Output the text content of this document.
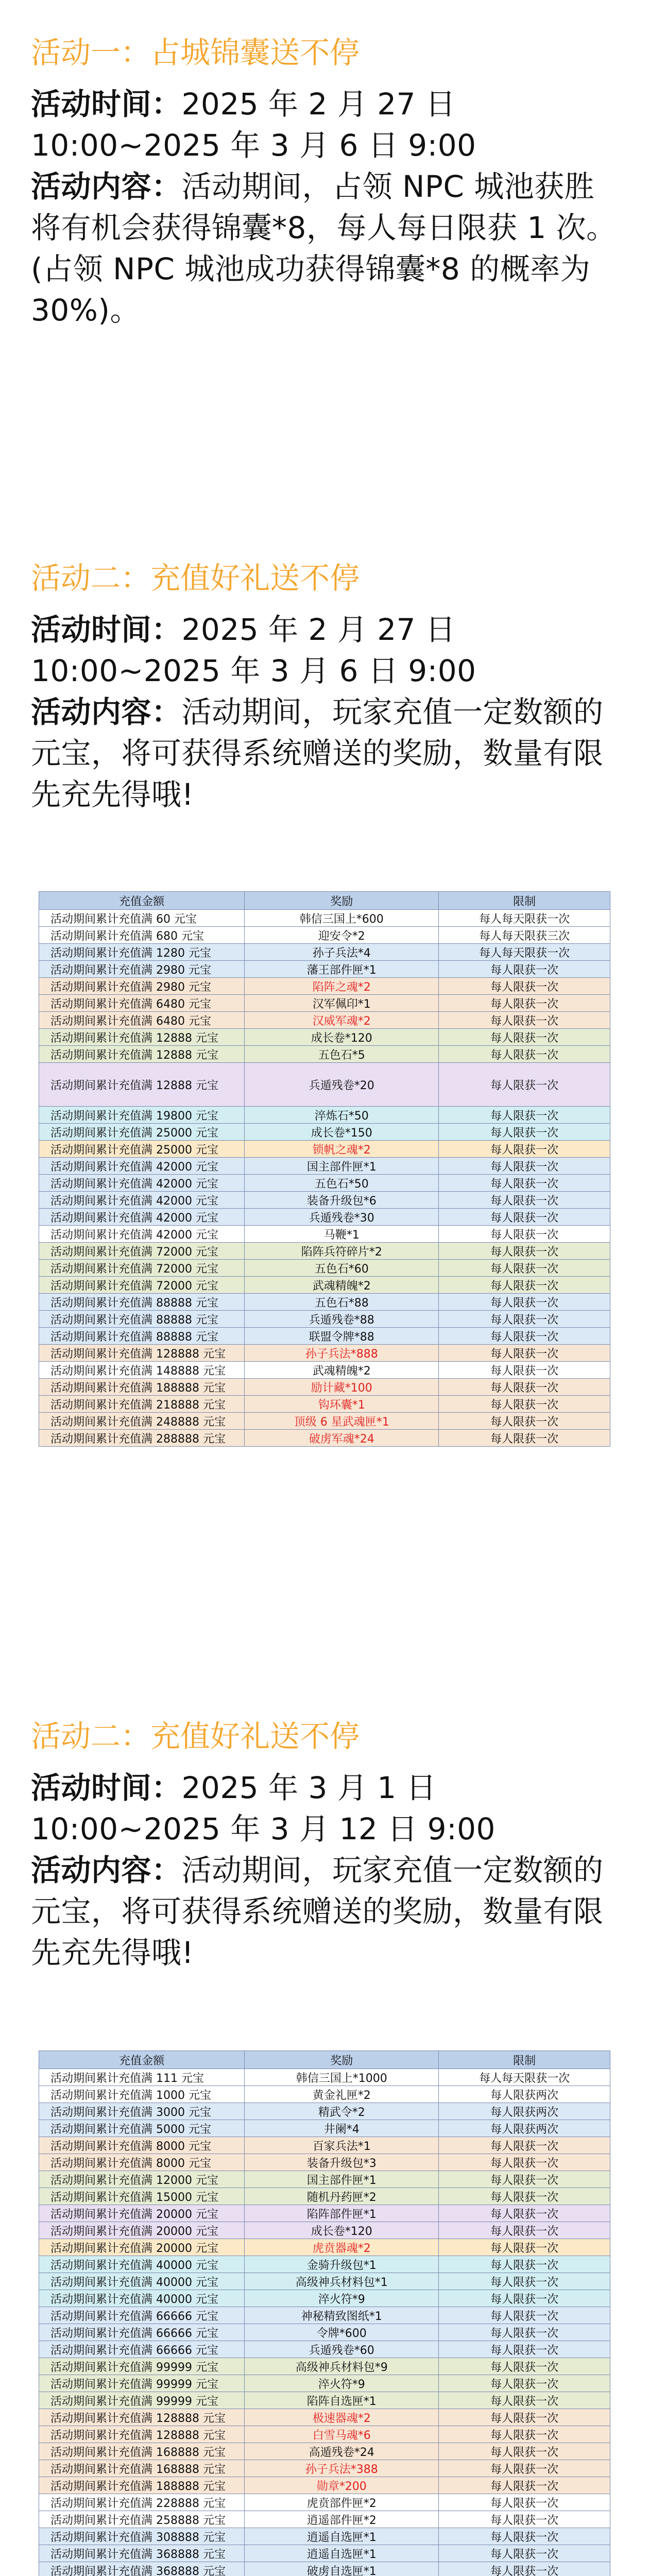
活动一：占城锦囊送不停

活动时间：2025 年 2 月 27 日 10:00~2025 年 3 月 6 日 9:00

活动内容：活动期间，占领 NPC 城池获胜将有机会获得锦囊*8，每人每日限获 1 次。(占领 NPC 城池成功获得锦囊*8 的概率为 30%)。

活动二：充值好礼送不停

活动时间：2025 年 2 月 27 日 10:00~2025 年 3 月 6 日 9:00

活动内容：活动期间，玩家充值一定数额的元宝，将可获得系统赠送的奖励，数量有限先充先得哦!

充值金额	奖励	限制
活动期间累计充值满 60 元宝	韩信三国上*600	每人每天限获一次
活动期间累计充值满 680 元宝	迎安令*2	每人每天限获三次
活动期间累计充值满 1280 元宝	孙子兵法*4	每人每天限获一次
活动期间累计充值满 2980 元宝	藩王部件匣*1	每人限获一次
活动期间累计充值满 2980 元宝	陷阵之魂*2	每人限获一次
活动期间累计充值满 6480 元宝	汉军佩印*1	每人限获一次
活动期间累计充值满 6480 元宝	汉威军魂*2	每人限获一次
活动期间累计充值满 12888 元宝	成长卷*120	每人限获一次
活动期间累计充值满 12888 元宝	五色石*5	每人限获一次
活动期间累计充值满 12888 元宝	兵遁残卷*20	每人限获一次
活动期间累计充值满 19800 元宝	淬炼石*50	每人限获一次
活动期间累计充值满 25000 元宝	成长卷*150	每人限获一次
活动期间累计充值满 25000 元宝	锁帆之魂*2	每人限获一次
活动期间累计充值满 42000 元宝	国主部件匣*1	每人限获一次
活动期间累计充值满 42000 元宝	五色石*50	每人限获一次
活动期间累计充值满 42000 元宝	装备升级包*6	每人限获一次
活动期间累计充值满 42000 元宝	兵遁残卷*30	每人限获一次
活动期间累计充值满 42000 元宝	马鞭*1	每人限获一次
活动期间累计充值满 72000 元宝	陷阵兵符碎片*2	每人限获一次
活动期间累计充值满 72000 元宝	五色石*60	每人限获一次
活动期间累计充值满 72000 元宝	武魂精魄*2	每人限获一次
活动期间累计充值满 88888 元宝	五色石*88	每人限获一次
活动期间累计充值满 88888 元宝	兵遁残卷*88	每人限获一次
活动期间累计充值满 88888 元宝	联盟令牌*88	每人限获一次
活动期间累计充值满 128888 元宝	孙子兵法*888	每人限获一次
活动期间累计充值满 148888 元宝	武魂精魄*2	每人限获一次
活动期间累计充值满 188888 元宝	励计藏*100	每人限获一次
活动期间累计充值满 218888 元宝	钩环囊*1	每人限获一次
活动期间累计充值满 248888 元宝	顶级 6 星武魂匣*1	每人限获一次
活动期间累计充值满 288888 元宝	破虏军魂*24	每人限获一次
活动二：充值好礼送不停

活动时间：2025 年 3 月 1 日 10:00~2025 年 3 月 12 日 9:00

活动内容：活动期间，玩家充值一定数额的元宝，将可获得系统赠送的奖励，数量有限先充先得哦!

充值金额	奖励	限制
活动期间累计充值满 111 元宝	韩信三国上*1000	每人每天限获一次
活动期间累计充值满 1000 元宝	黄金礼匣*2	每人限获两次
活动期间累计充值满 3000 元宝	精武令*2	每人限获两次
活动期间累计充值满 5000 元宝	井阑*4	每人限获两次
活动期间累计充值满 8000 元宝	百家兵法*1	每人限获一次
活动期间累计充值满 8000 元宝	装备升级包*3	每人限获一次
活动期间累计充值满 12000 元宝	国主部件匣*1	每人限获一次
活动期间累计充值满 15000 元宝	随机丹药匣*2	每人限获一次
活动期间累计充值满 20000 元宝	陷阵部件匣*1	每人限获一次
活动期间累计充值满 20000 元宝	成长卷*120	每人限获一次
活动期间累计充值满 20000 元宝	虎贲器魂*2	每人限获一次
活动期间累计充值满 40000 元宝	金骑升级包*1	每人限获一次
活动期间累计充值满 40000 元宝	高级神兵材料包*1	每人限获一次
活动期间累计充值满 40000 元宝	淬火符*9	每人限获一次
活动期间累计充值满 66666 元宝	神秘精致图纸*1	每人限获一次
活动期间累计充值满 66666 元宝	令牌*600	每人限获一次
活动期间累计充值满 66666 元宝	兵遁残卷*60	每人限获一次
活动期间累计充值满 99999 元宝	高级神兵材料包*9	每人限获一次
活动期间累计充值满 99999 元宝	淬火符*9	每人限获一次
活动期间累计充值满 99999 元宝	陷阵自选匣*1	每人限获一次
活动期间累计充值满 128888 元宝	极速器魂*2	每人限获一次
活动期间累计充值满 128888 元宝	白雪马魂*6	每人限获一次
活动期间累计充值满 168888 元宝	高遁残卷*24	每人限获一次
活动期间累计充值满 168888 元宝	孙子兵法*388	每人限获一次
活动期间累计充值满 188888 元宝	勋章*200	每人限获一次
活动期间累计充值满 228888 元宝	虎贲部件匣*2	每人限获一次
活动期间累计充值满 258888 元宝	逍遥部件匣*2	每人限获一次
活动期间累计充值满 308888 元宝	逍遥自选匣*1	每人限获一次
活动期间累计充值满 368888 元宝	逍遥自选匣*1	每人限获一次
活动期间累计充值满 368888 元宝	破虏自选匣*1	每人限获一次
